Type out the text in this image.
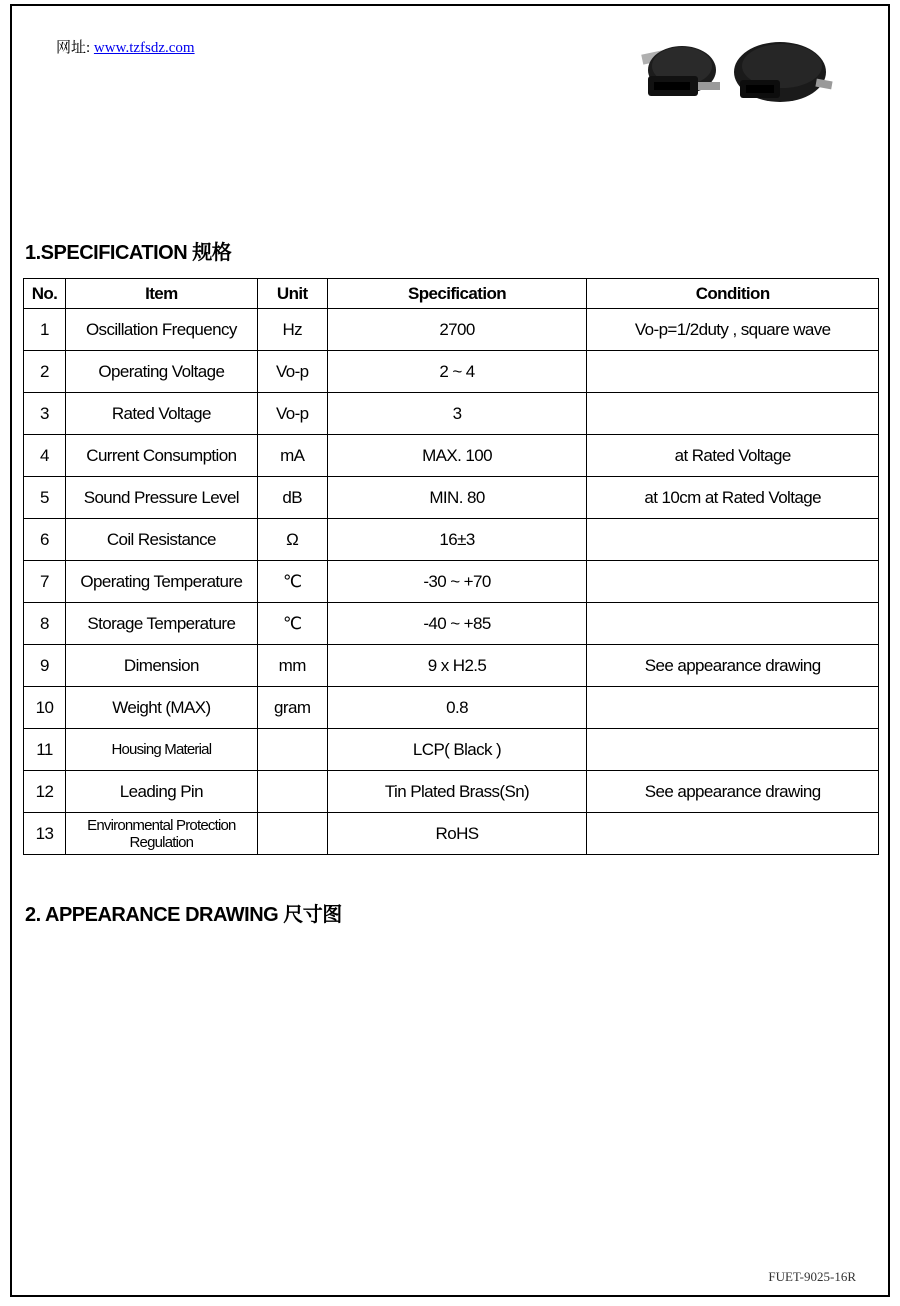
网址: www.tzfsdz.com
1.SPECIFICATION 规格
No.	Item	Unit	Specification	Condition
1	Oscillation Frequency	Hz	2700	Vo-p=1/2duty , square wave
2	Operating Voltage	Vo-p	2 ~ 4	
3	Rated Voltage	Vo-p	3	
4	Current Consumption	mA	MAX. 100	at Rated Voltage
5	Sound Pressure Level	dB	MIN. 80	at 10cm at Rated Voltage
6	Coil Resistance	Ω	16±3	
7	Operating Temperature	℃	-30 ~ +70	
8	Storage Temperature	℃	-40 ~ +85	
9	Dimension	mm	9 x H2.5	See appearance drawing
10	Weight (MAX)	gram	0.8	
11	Housing Material		LCP( Black )	
12	Leading Pin		Tin Plated Brass(Sn)	See appearance drawing
13	Environmental Protection Regulation		RoHS	
2. APPEARANCE DRAWING 尺寸图
FUET-9025-16R
